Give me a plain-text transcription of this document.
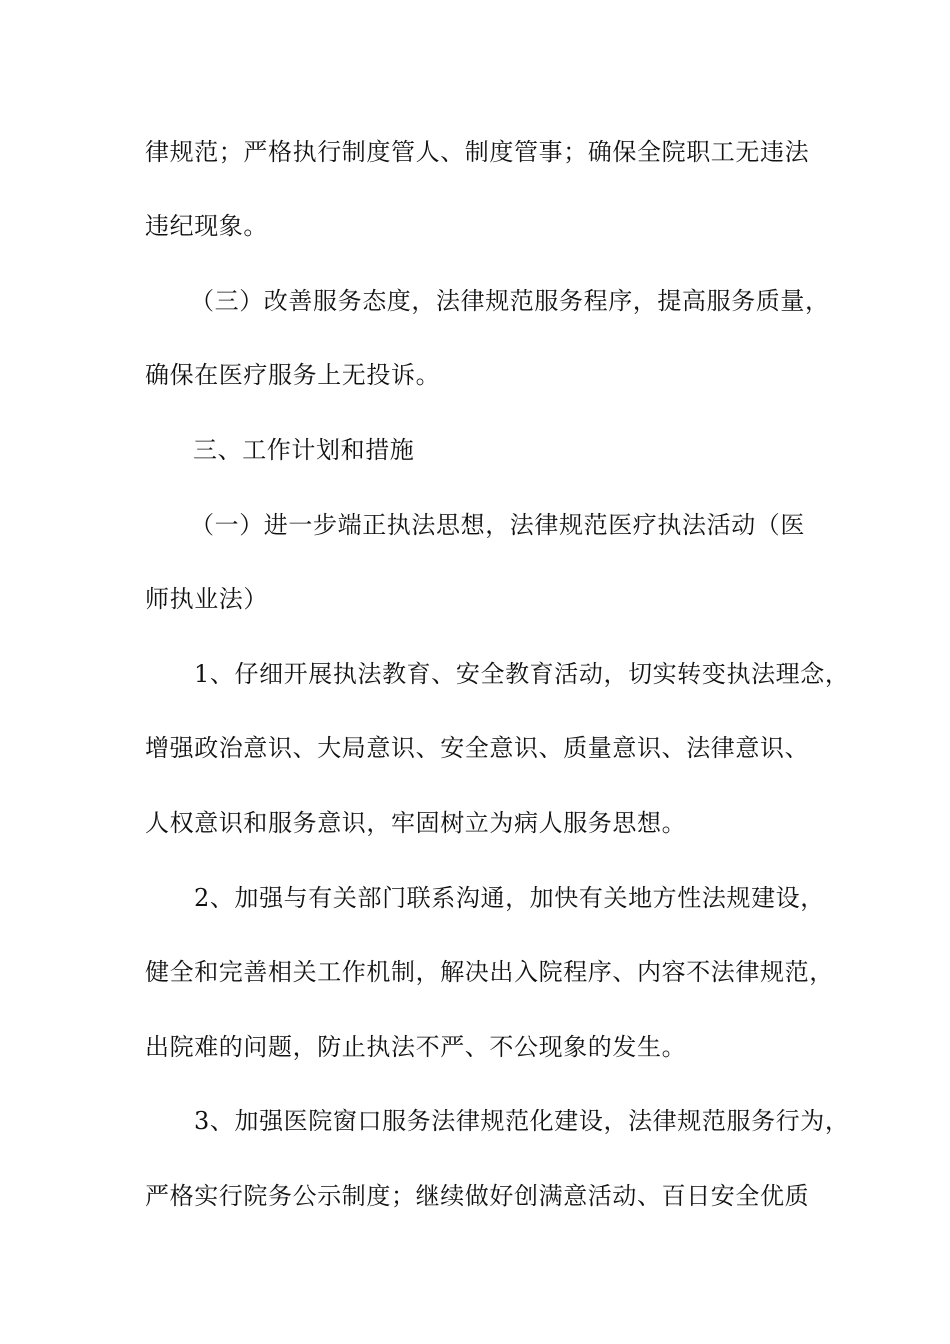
律规范；严格执行制度管人、制度管事；确保全院职工无违法
违纪现象。
（三）改善服务态度，法律规范服务程序，提高服务质量，
确保在医疗服务上无投诉。
三、工作计划和措施
（一）进一步端正执法思想，法律规范医疗执法活动（医
师执业法）
1、仔细开展执法教育、安全教育活动，切实转变执法理念，
增强政治意识、大局意识、安全意识、质量意识、法律意识、
人权意识和服务意识，牢固树立为病人服务思想。
2、加强与有关部门联系沟通，加快有关地方性法规建设，
健全和完善相关工作机制，解决出入院程序、内容不法律规范，
出院难的问题，防止执法不严、不公现象的发生。
3、加强医院窗口服务法律规范化建设，法律规范服务行为，
严格实行院务公示制度；继续做好创满意活动、百日安全优质
